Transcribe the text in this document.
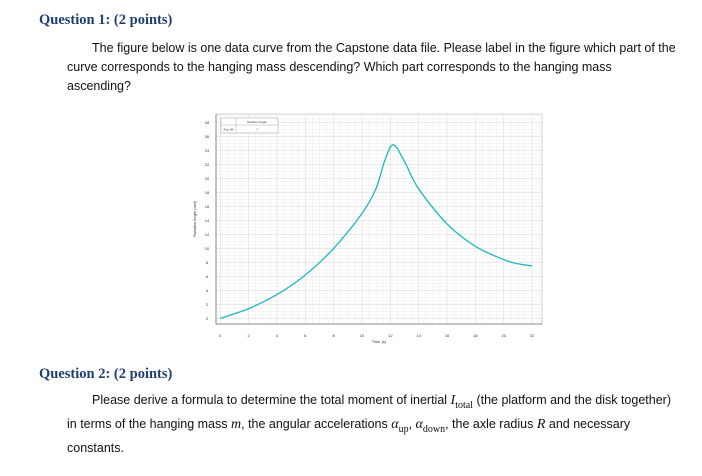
Question 1: (2 points)
The figure below is one data curve from the Capstone data file. Please label in the figure which part of the curve corresponds to the hanging mass descending? Which part corresponds to the hanging mass ascending?
0	2	4	6	8	10	12	14	16	18	20	22
0
2
4
6
8
10
12
14
16
18
20
22
24
26
28
Time (s)
Rotation Angle (rad)
Rotation Angle
Run #9	2
Question 2: (2 points)
Please derive a formula to determine the total moment of inertial $I_{total}$ (the platform and the disk together) in terms of the hanging mass m, the angular accelerations $\alpha_{up}$, $\alpha_{down}$, the axle radius R and necessary constants.
